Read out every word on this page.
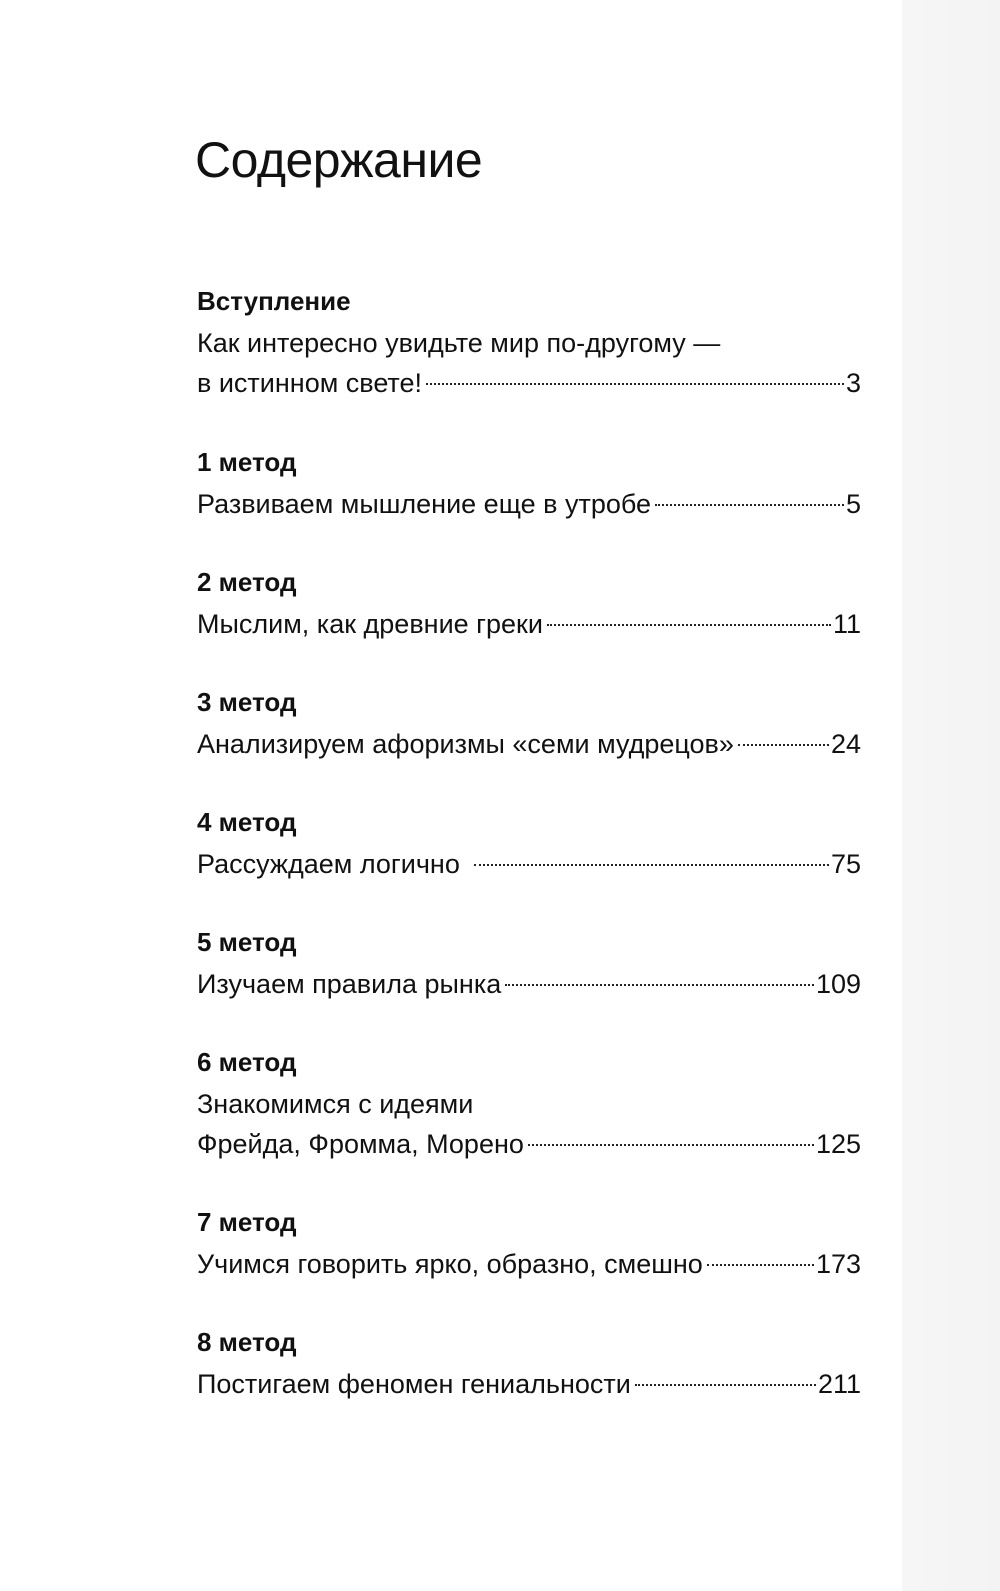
Содержание
Вступление
Как интересно увидьте мир по-другому —
в истинном свете!	3
1 метод
Развиваем мышление еще в утробе	5
2 метод
Мыслим, как древние греки	11
3 метод
Анализируем афоризмы «семи мудрецов»	24
4 метод
Рассуждаем логично	75
5 метод
Изучаем правила рынка	109
6 метод
Знакомимся с идеями
Фрейда, Фромма, Морено	125
7 метод
Учимся говорить ярко, образно, смешно	173
8 метод
Постигаем феномен гениальности	211
